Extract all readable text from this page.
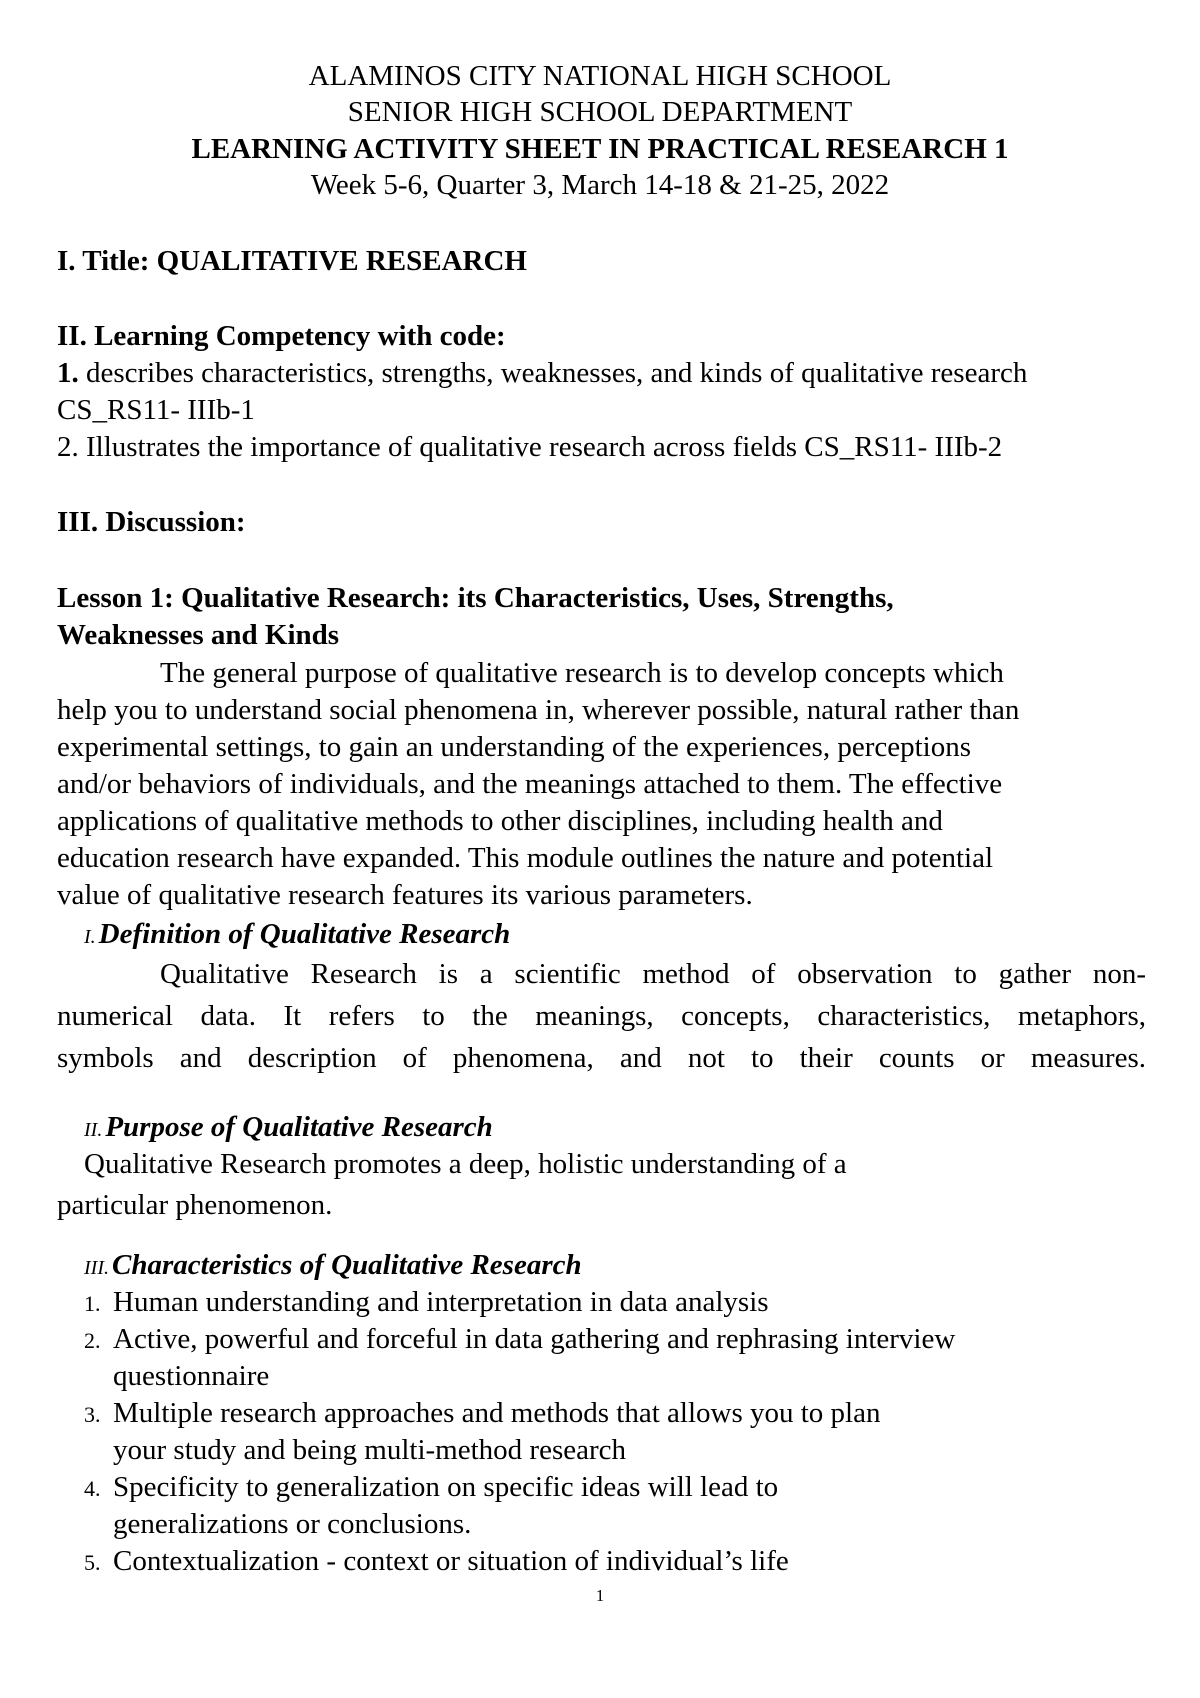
ALAMINOS CITY NATIONAL HIGH SCHOOL
SENIOR HIGH SCHOOL DEPARTMENT
LEARNING ACTIVITY SHEET IN PRACTICAL RESEARCH 1
Week 5-6, Quarter 3, March 14-18 & 21-25, 2022
I. Title: QUALITATIVE RESEARCH
II. Learning Competency with code:
1. describes characteristics, strengths, weaknesses, and kinds of qualitative research
CS_RS11- IIIb-1
2. Illustrates the importance of qualitative research across fields CS_RS11- IIIb-2
III. Discussion:
Lesson 1: Qualitative Research: its Characteristics, Uses, Strengths,
Weaknesses and Kinds
The general purpose of qualitative research is to develop concepts which
help you to understand social phenomena in, wherever possible, natural rather than
experimental settings, to gain an understanding of the experiences, perceptions
and/or behaviors of individuals, and the meanings attached to them. The effective
applications of qualitative methods to other disciplines, including health and
education research have expanded. This module outlines the nature and potential
value of qualitative research features its various parameters.
I. Definition of Qualitative Research
Qualitative Research is a scientific method of observation to gather non-
numerical data. It refers to the meanings, concepts, characteristics, metaphors,
symbols and description of phenomena, and not to their counts or measures.
II. Purpose of Qualitative Research
Qualitative Research promotes a deep, holistic understanding of a
particular phenomenon.
III. Characteristics of Qualitative Research
1. Human understanding and interpretation in data analysis
2. Active, powerful and forceful in data gathering and rephrasing interview
questionnaire
3. Multiple research approaches and methods that allows you to plan
your study and being multi-method research
4. Specificity to generalization on specific ideas will lead to
generalizations or conclusions.
5. Contextualization - context or situation of individual’s life
1
